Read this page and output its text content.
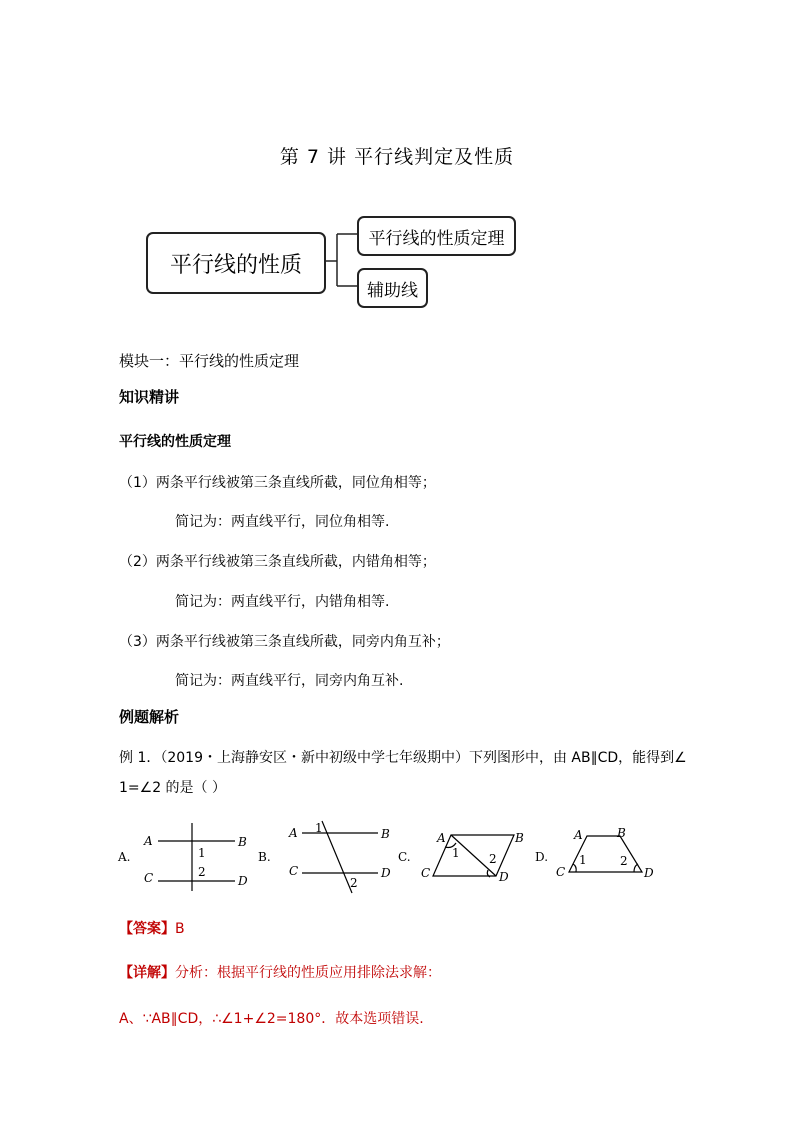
第 7 讲 平行线判定及性质
平行线的性质
平行线的性质定理
辅助线
模块一：平行线的性质定理
知识精讲
平行线的性质定理
（1）两条平行线被第三条直线所截，同位角相等；
简记为：两直线平行，同位角相等.
（2）两条平行线被第三条直线所截，内错角相等；
简记为：两直线平行，内错角相等.
（3）两条平行线被第三条直线所截，同旁内角互补；
简记为：两直线平行，同旁内角互补.
例题解析
例 1．（2019・上海静安区・新中初级中学七年级期中）下列图形中，由 AB∥CD，能得到∠
1=∠2 的是（ ）
A.
A	B
C	D
1
2
B.
A	B
C	D
1
2
C.
A	B
C	D
1 2	D.
A	B
C	D
1	2
【答案】B
【详解】分析：根据平行线的性质应用排除法求解：
A、∵AB∥CD，∴∠1+∠2=180°．故本选项错误.
